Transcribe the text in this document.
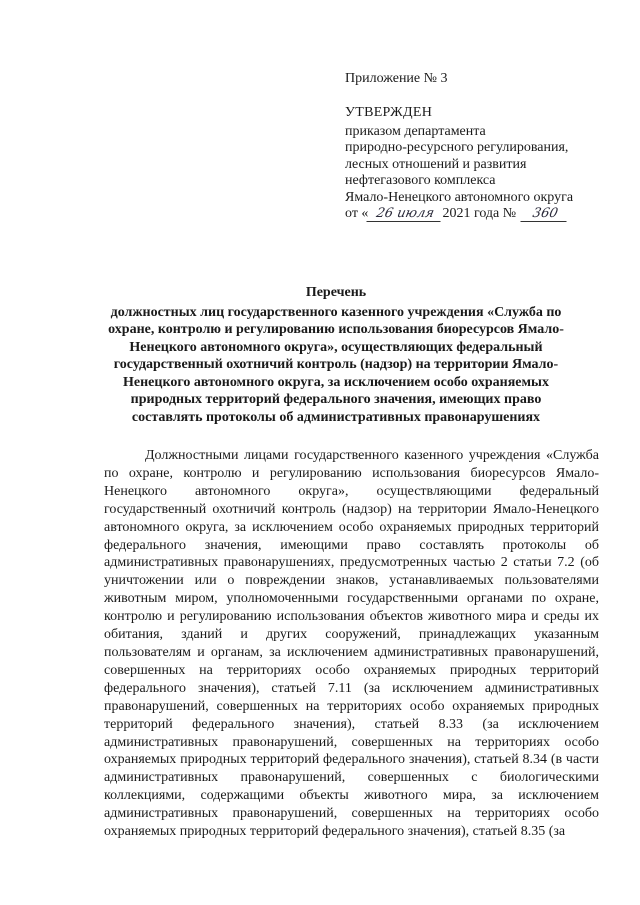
Приложение № 3
УТВЕРЖДЕН
приказом департамента
природно-ресурсного регулирования,
лесных отношений и развития
нефтегазового комплекса
Ямало-Ненецкого автономного округа
от « 26 июля 2021 года № 360
Перечень
должностных лиц государственного казенного учреждения «Служба по охране, контролю и регулированию использования биоресурсов Ямало-Ненецкого автономного округа», осуществляющих федеральный государственный охотничий контроль (надзор) на территории Ямало-Ненецкого автономного округа, за исключением особо охраняемых природных территорий федерального значения, имеющих право составлять протоколы об административных правонарушениях

Должностными лицами государственного казенного учреждения «Служба по охране, контролю и регулированию использования биоресурсов Ямало-Ненецкого автономного округа», осуществляющими федеральный государственный охотничий контроль (надзор) на территории Ямало-Ненецкого автономного округа, за исключением особо охраняемых природных территорий федерального значения, имеющими право составлять протоколы об административных правонарушениях, предусмотренных частью 2 статьи 7.2 (об уничтожении или о повреждении знаков, устанавливаемых пользователями животным миром, уполномоченными государственными органами по охране, контролю и регулированию использования объектов животного мира и среды их обитания, зданий и других сооружений, принадлежащих указанным пользователям и органам, за исключением административных правонарушений, совершенных на территориях особо охраняемых природных территорий федерального значения), статьей 7.11 (за исключением административных правонарушений, совершенных на территориях особо охраняемых природных территорий федерального значения), статьей 8.33 (за исключением административных правонарушений, совершенных на территориях особо охраняемых природных территорий федерального значения), статьей 8.34 (в части административных правонарушений, совершенных с биологическими коллекциями, содержащими объекты животного мира, за исключением административных правонарушений, совершенных на территориях особо охраняемых природных территорий федерального значения), статьей 8.35 (за
